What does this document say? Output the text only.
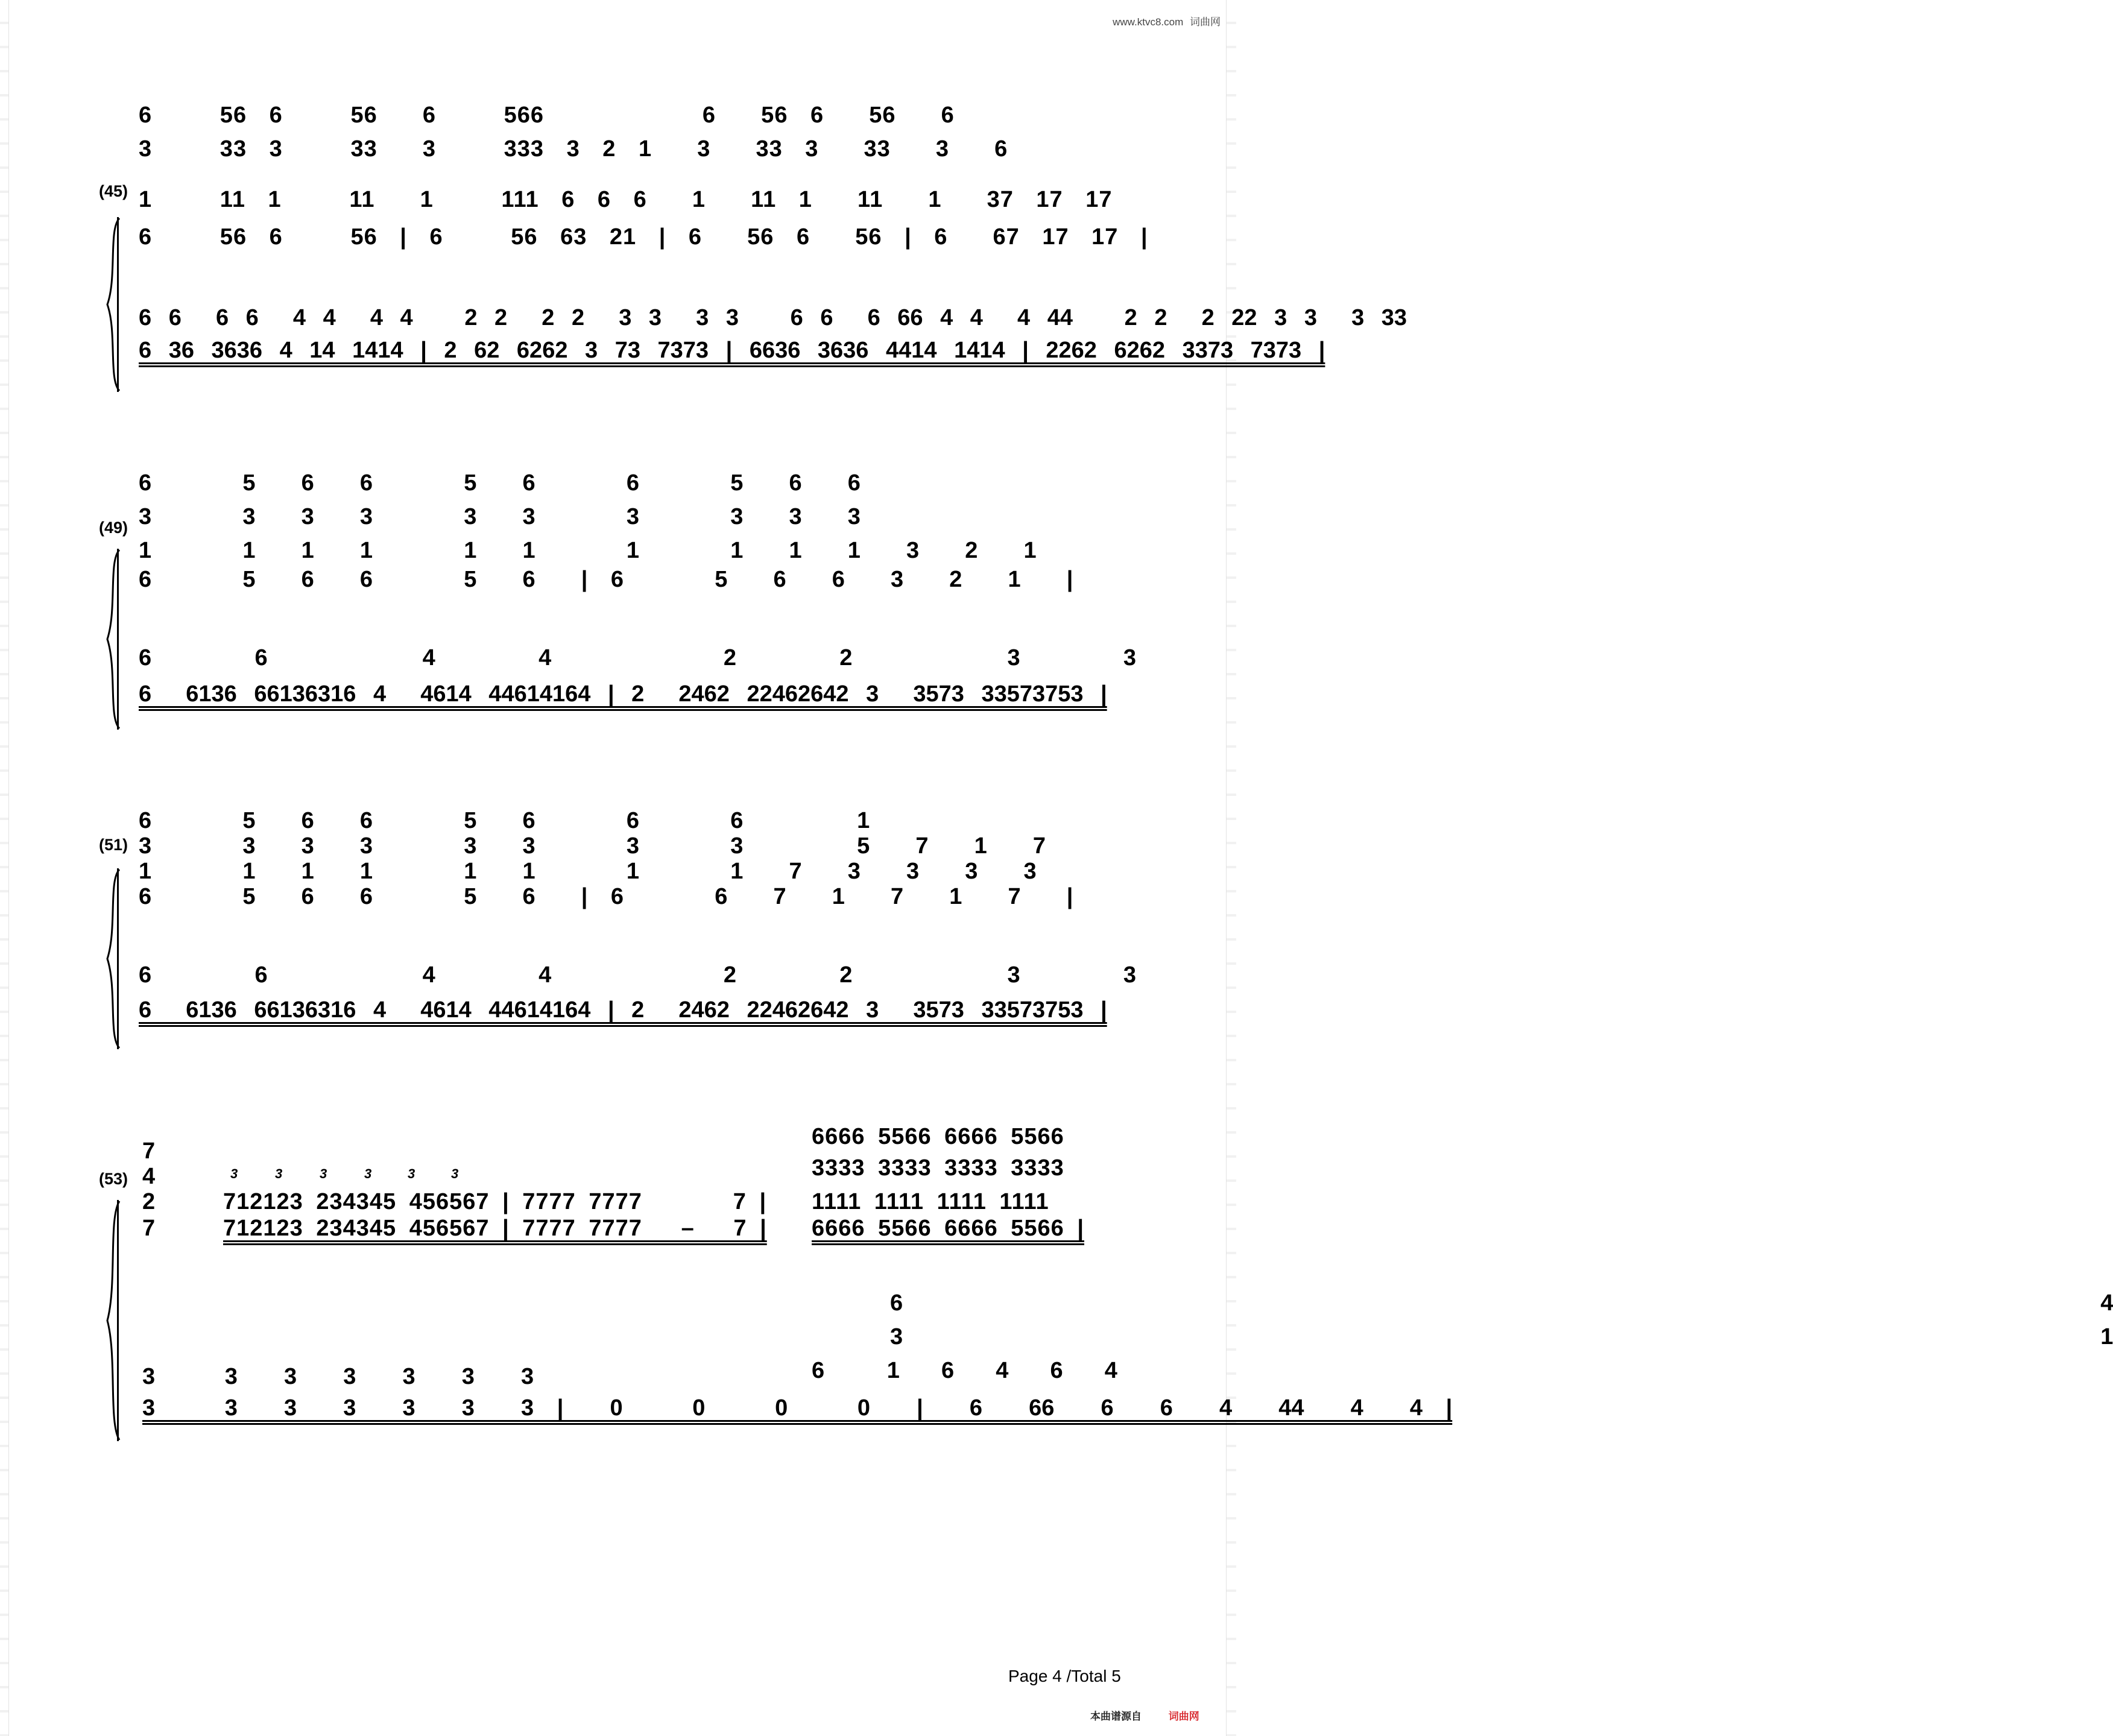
www.ktvc8.com 词曲网
(45)
6   56 6   56  6   566       6  56 6  56  6
3   33 3   33  3   333 3 2 1  3  33 3  33  3  6
1   11 1   11  1   111 6 6 6  1  11 1  11  1  37 17 17
6   56 6   56 | 6   56 63 21 | 6  56 6  56 | 6  67 17 17 |
6 6  6 6  4 4  4 4   2 2  2 2  3 3  3 3   6 6  6 66 4 4  4 44   2 2  2 22 3 3  3 33
6 36 3636 4 14 1414 | 2 62 6262 3 73 7373 | 6636 3636 4414 1414 | 2262 6262 3373 7373 |
(49)
6    5  6  6    5  6    6    5  6  6
3    3  3  3    3  3    3    3  3  3
1    1  1  1    1  1    1    1  1  1  3  2  1
6    5  6  6    5  6  | 6    5  6  6  3  2  1  |
6      6         4      4          2      2         3      3
6  6136 66136316 4  4614 44614164 | 2  2462 22462642 3  3573 33573753 |
(51)
6    5  6  6    5  6    6    6     1
3    3  3  3    3  3    3    3     5  7  1  7
1    1  1  1    1  1    1    1  7  3  3  3  3
6    5  6  6    5  6  | 6    6  7  1  7  1  7  |
6      6         4      4          2      2         3      3
6  6136 66136316 4  4614 44614164 | 2  2462 22462642 3  3573 33573753 |
(53)
7
4
2
7
3	3	3	3	3	3
712123 234345 456567 | 7777 7777       7 |
712123 234345 456567 | 7777 7777   –   7 |
6666 5566 6666 5566
3333 3333 3333 3333
1111 1111 1111 1111
6666 5566 6666 5566 |
6           4
3           1
6   1  6  4  6  4
3   3  3  3  3  3  3
3   3  3  3  3  3  3 |  0   0   0   0  |  6  66  6  6  4  44  4  4 |
Page 4 /Total 5
本曲谱源自	词曲网
